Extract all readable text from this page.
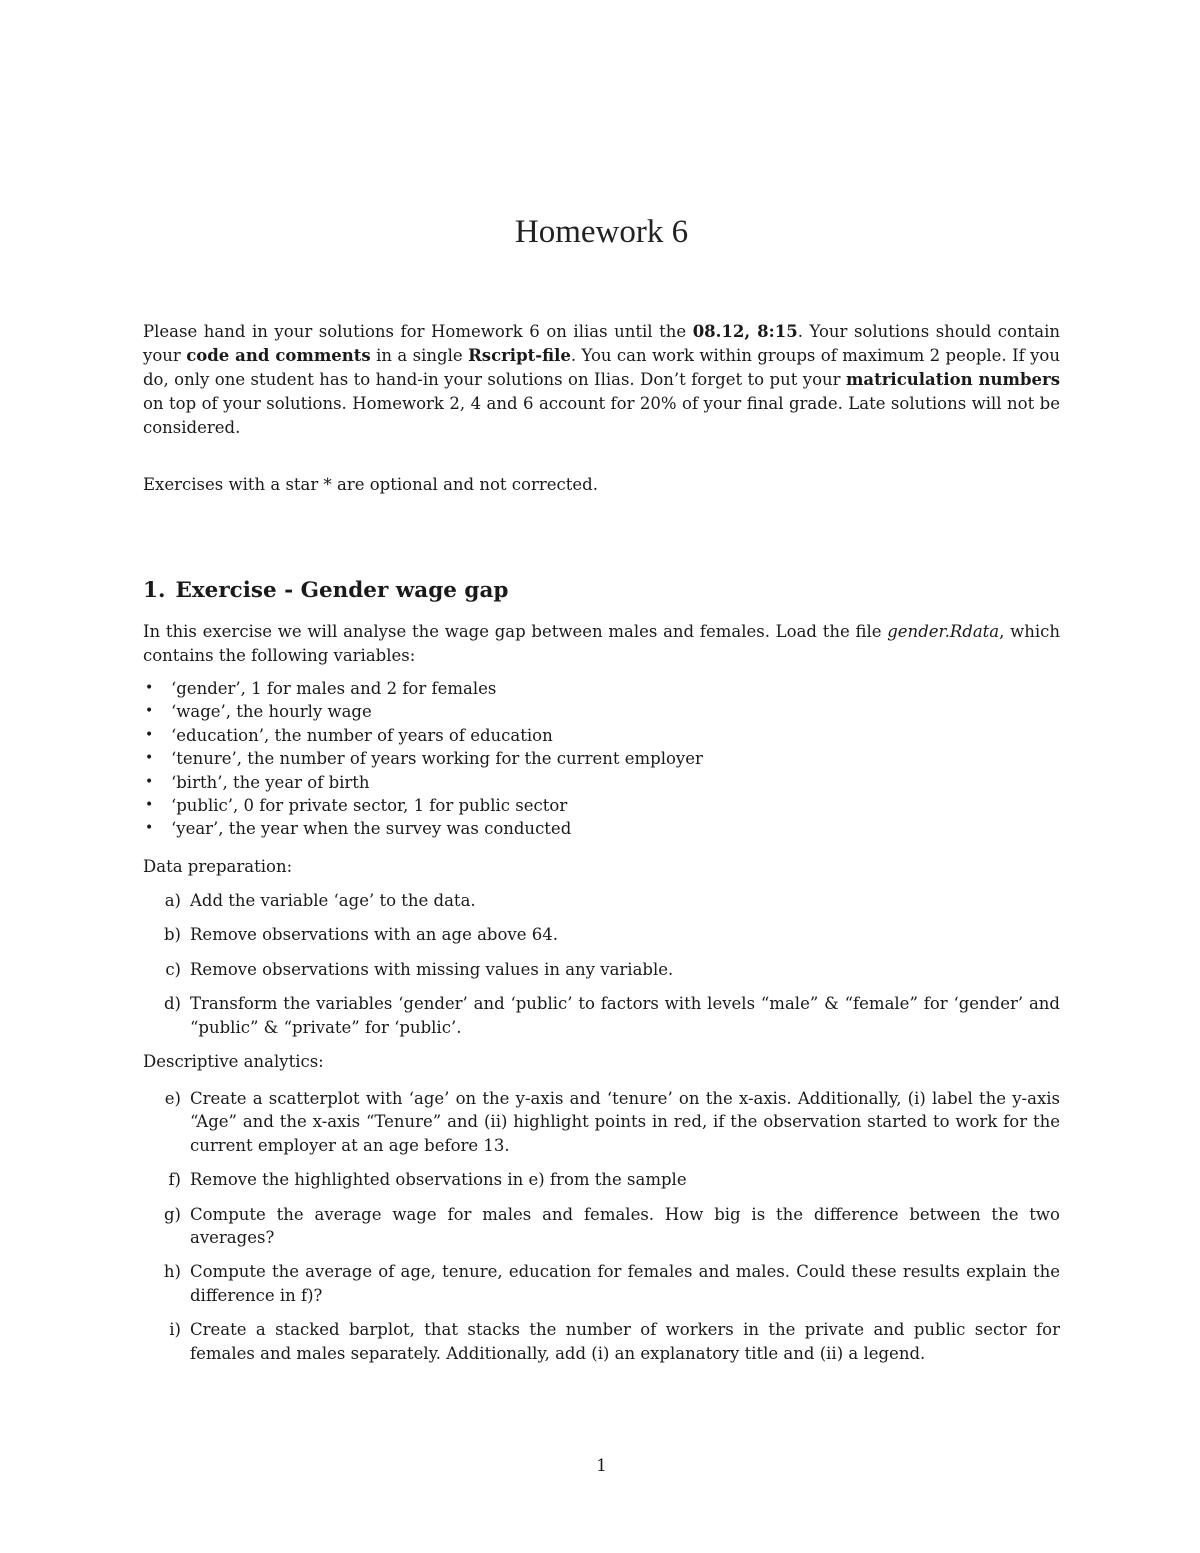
Homework 6

Please hand in your solutions for Homework 6 on ilias until the 08.12, 8:15. Your solutions should contain your code and comments in a single Rscript-file. You can work within groups of maximum 2 people. If you do, only one student has to hand-in your solutions on Ilias. Don’t forget to put your matriculation numbers on top of your solutions. Homework 2, 4 and 6 account for 20% of your final grade. Late solutions will not be considered.

Exercises with a star * are optional and not corrected.

1. Exercise - Gender wage gap

In this exercise we will analyse the wage gap between males and females. Load the file gender.Rdata, which contains the following variables:

• ‘gender’, 1 for males and 2 for females
• ‘wage’, the hourly wage
• ‘education’, the number of years of education
• ‘tenure’, the number of years working for the current employer
• ‘birth’, the year of birth
• ‘public’, 0 for private sector, 1 for public sector
• ‘year’, the year when the survey was conducted

Data preparation:

a) Add the variable ‘age’ to the data.
b) Remove observations with an age above 64.
c) Remove observations with missing values in any variable.
d) Transform the variables ‘gender’ and ‘public’ to factors with levels “male” & “female” for ‘gender’ and “public” & “private” for ‘public’.

Descriptive analytics:

e) Create a scatterplot with ‘age’ on the y-axis and ‘tenure’ on the x-axis. Additionally, (i) label the y-axis “Age” and the x-axis “Tenure” and (ii) highlight points in red, if the observation started to work for the current employer at an age before 13.
f) Remove the highlighted observations in e) from the sample
g) Compute the average wage for males and females. How big is the difference between the two averages?
h) Compute the average of age, tenure, education for females and males. Could these results explain the difference in f)?
i) Create a stacked barplot, that stacks the number of workers in the private and public sector for females and males separately. Additionally, add (i) an explanatory title and (ii) a legend.

1
